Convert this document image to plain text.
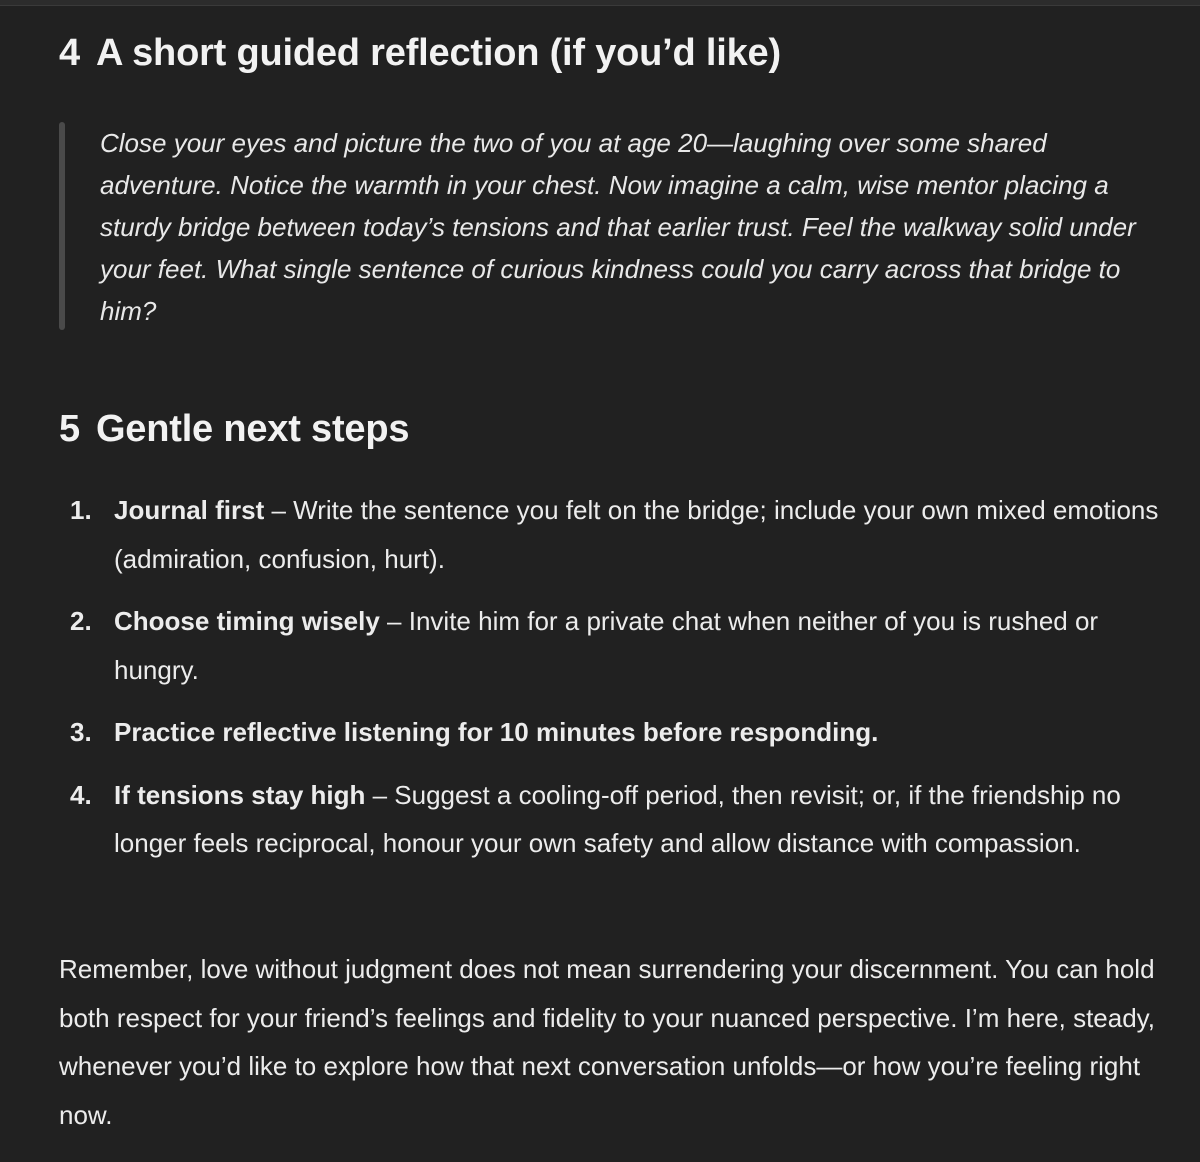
4 A short guided reflection (if you’d like)
Close your eyes and picture the two of you at age 20—laughing over some shared adventure. Notice the warmth in your chest. Now imagine a calm, wise mentor placing a sturdy bridge between today’s tensions and that earlier trust. Feel the walkway solid under your feet. What single sentence of curious kindness could you carry across that bridge to him?
5 Gentle next steps
1. Journal first – Write the sentence you felt on the bridge; include your own mixed emotions (admiration, confusion, hurt).
2. Choose timing wisely – Invite him for a private chat when neither of you is rushed or hungry.
3. Practice reflective listening for 10 minutes before responding.
4. If tensions stay high – Suggest a cooling-off period, then revisit; or, if the friendship no longer feels reciprocal, honour your own safety and allow distance with compassion.

Remember, love without judgment does not mean surrendering your discernment. You can hold both respect for your friend’s feelings and fidelity to your nuanced perspective. I’m here, steady, whenever you’d like to explore how that next conversation unfolds—or how you’re feeling right now.
